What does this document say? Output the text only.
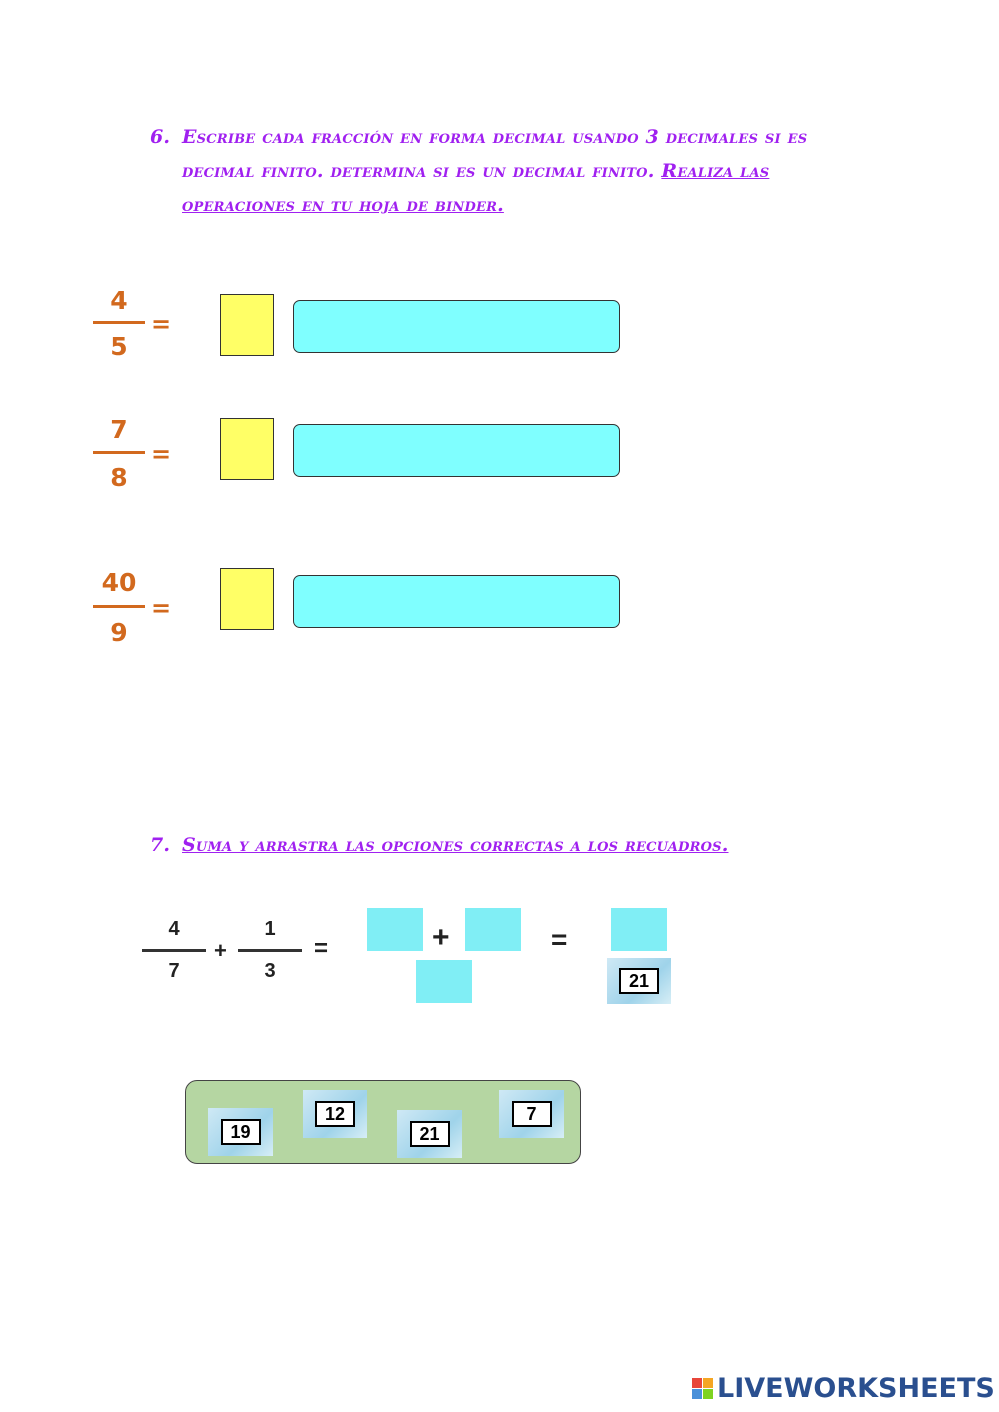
6. Escribe cada fracción en forma decimal usando 3 decimales si es
decimal finito. determina si es un decimal finito. Realiza las
operaciones en tu hoja de binder.
4
5
=
7
8
=
40
9
=
7. Suma y arrastra las opciones correctas a los recuadros.
4
7
+
1
3
=	+	=
21
19
12
21
7
LIVEWORKSHEETS
